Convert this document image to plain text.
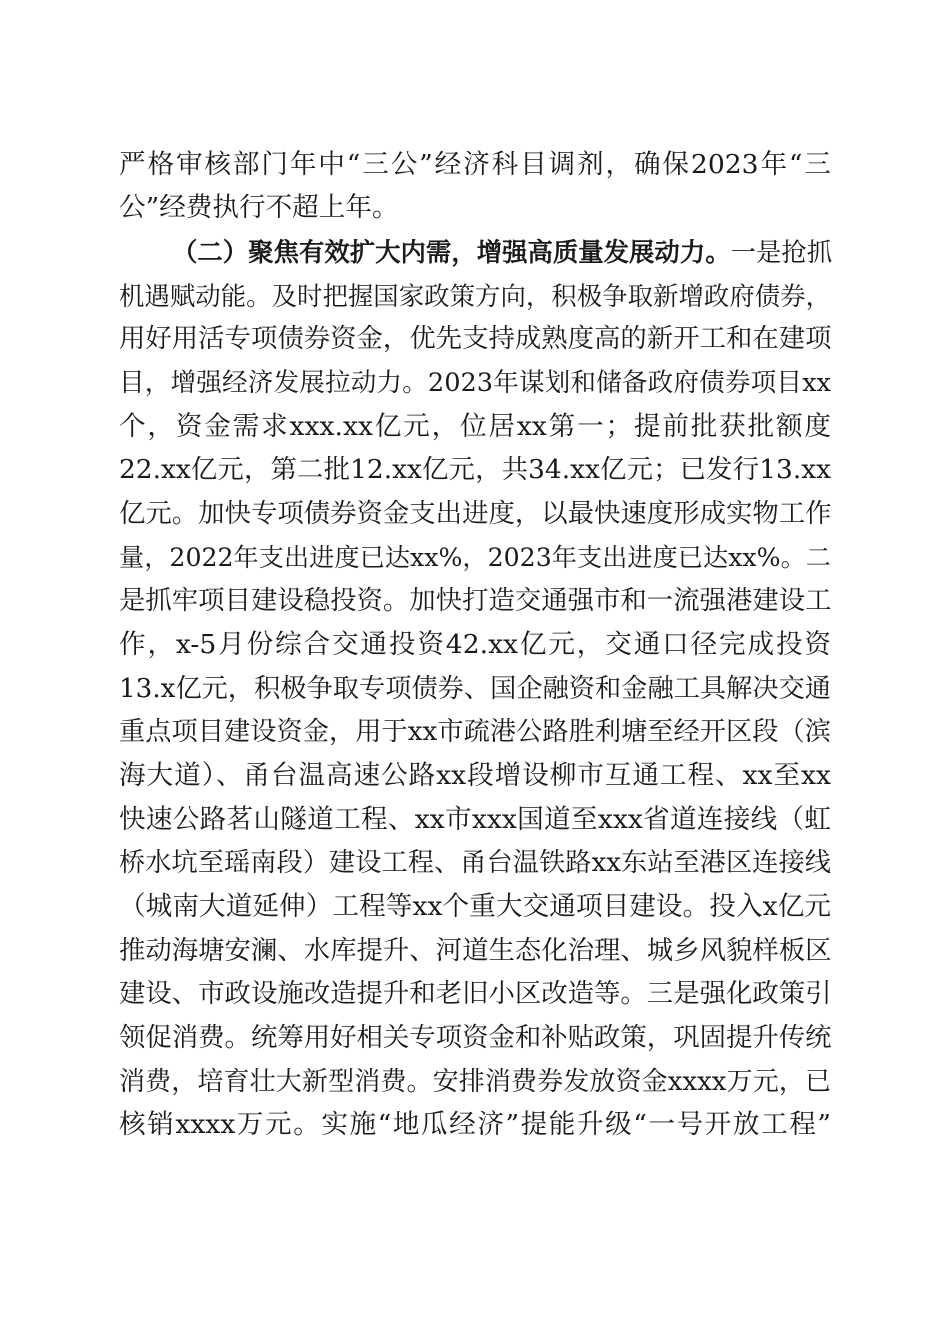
严格审核部门年中“三公”经济科目调剂，确保2023年“三
公”经费执行不超上年。
（二）聚焦有效扩大内需，增强高质量发展动力。一是抢抓
机遇赋动能。及时把握国家政策方向，积极争取新增政府债券，
用好用活专项债券资金，优先支持成熟度高的新开工和在建项
目，增强经济发展拉动力。2023年谋划和储备政府债券项目xx
个，资金需求xxx.xx亿元，位居xx第一；提前批获批额度
22.xx亿元，第二批12.xx亿元，共34.xx亿元；已发行13.xx
亿元。加快专项债券资金支出进度，以最快速度形成实物工作
量，2022年支出进度已达xx%，2023年支出进度已达xx%。二
是抓牢项目建设稳投资。加快打造交通强市和一流强港建设工
作，x-5月份综合交通投资42.xx亿元，交通口径完成投资
13.x亿元，积极争取专项债券、国企融资和金融工具解决交通
重点项目建设资金，用于xx市疏港公路胜利塘至经开区段（滨
海大道）、甬台温高速公路xx段增设柳市互通工程、xx至xx
快速公路茗山隧道工程、xx市xxx国道至xxx省道连接线（虹
桥水坑至瑶南段）建设工程、甬台温铁路xx东站至港区连接线
（城南大道延伸）工程等xx个重大交通项目建设。投入x亿元
推动海塘安澜、水库提升、河道生态化治理、城乡风貌样板区
建设、市政设施改造提升和老旧小区改造等。三是强化政策引
领促消费。统筹用好相关专项资金和补贴政策，巩固提升传统
消费，培育壮大新型消费。安排消费券发放资金xxxx万元，已
核销xxxx万元。实施“地瓜经济”提能升级“一号开放工程”
